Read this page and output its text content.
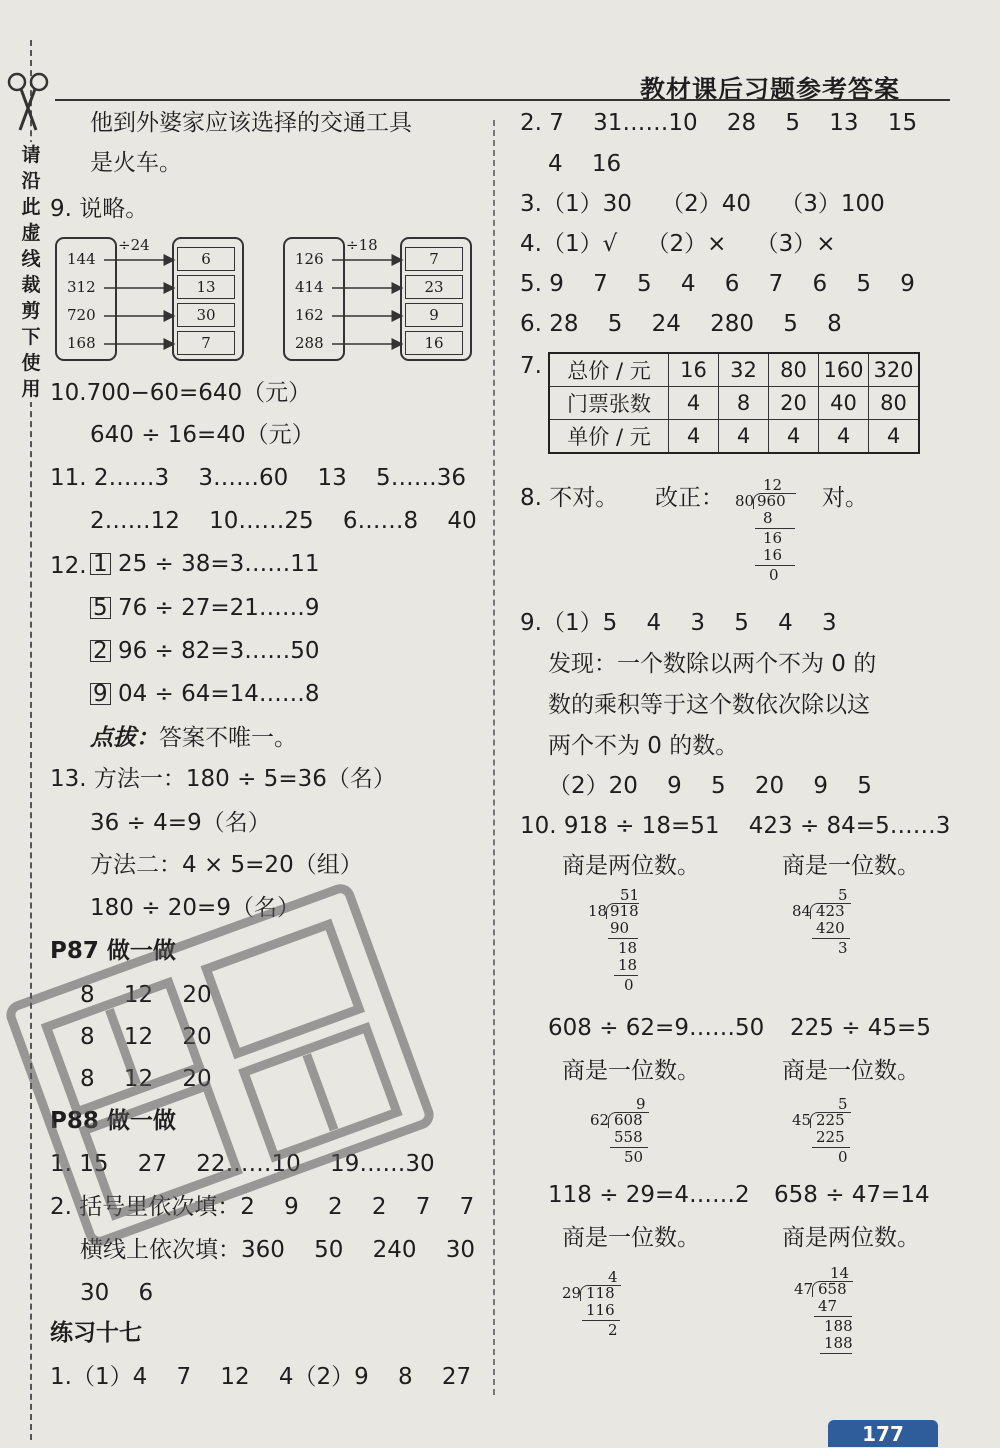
请
沿
此
虚
线
裁
剪
下
使
用
教材课后习题参考答案
他到外婆家应该选择的交通工具
是火车。
9. 说略。
÷24
144
312
720
168
6
13
30
7
÷18
126
414
162
288
7
23
9
16
10.700−60=640（元）
640 ÷ 16=40（元）
11. 2……3    3……60    13    5……36
2……12    10……25    6……8    40
12. 1 25 ÷ 38=3……11
5 76 ÷ 27=21……9
2 96 ÷ 82=3……50
9 04 ÷ 64=14……8
点拔：答案不唯一。
13. 方法一：180 ÷ 5=36（名）
36 ÷ 4=9（名）
方法二：4 × 5=20（组）
180 ÷ 20=9（名）
P87 做一做
8    12    20
8    12    20
8    12    20
P88 做一做
1. 15    27    22……10    19……30
2. 括号里依次填：2    9    2    2    7    7
横线上依次填：360    50    240    30
30    6
练习十七
1.（1）4    7    12    4（2）9    8    27
2. 7    31……10    28    5    13    15
4    16
3.（1）30    （2）40    （3）100
4.（1）√    （2）×    （3）×
5. 9    7    5    4    6    7    6    5    9
6. 28    5    24    280    5    8
7. 总价 / 元	16	32	80	160	320
门票张数	4	8	20	40	80
单价 / 元	4	4	4	4	4
8. 不对。 改正：	对。
12
80 960
8
16
16
0
9.（1）5    4    3    5    4    3
发现：一个数除以两个不为 0 的
数的乘积等于这个数依次除以这
两个不为 0 的数。
（2）20    9    5    20    9    5
10. 918 ÷ 18=51    423 ÷ 84=5……3
商是两位数。	商是一位数。
51
18 918
90
18
18
0
5
84 423
420
3
608 ÷ 62=9……50 225 ÷ 45=5
商是一位数。	商是一位数。
9
62 608
558
50
5
45 225
225
0
118 ÷ 29=4……2 658 ÷ 47=14
商是一位数。	商是两位数。
4
29 118
116
2
14
47 658
47
188
188
177
